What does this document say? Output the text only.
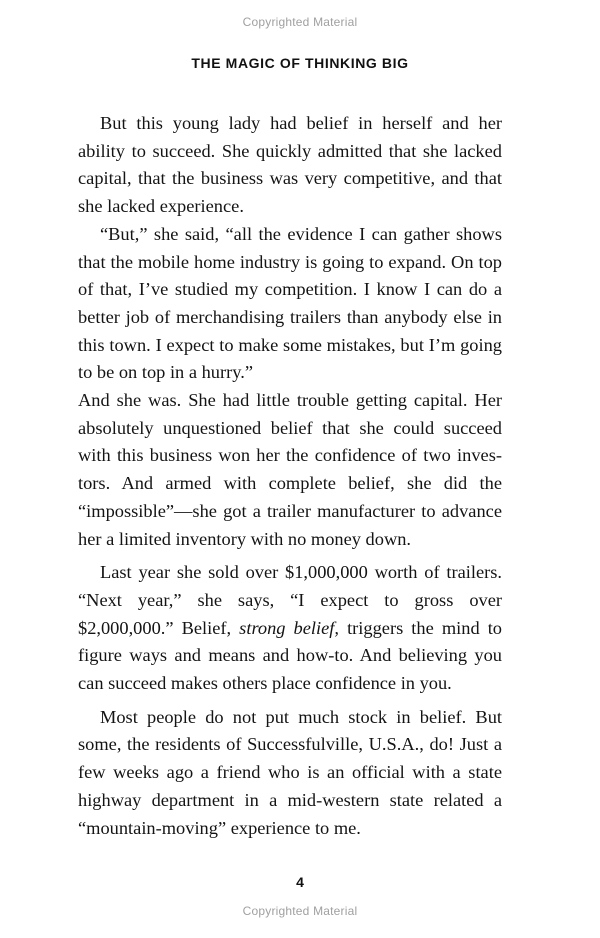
Copyrighted Material
THE MAGIC OF THINKING BIG

But this young lady had belief in herself and her ability to succeed. She quickly admitted that she lacked capital, that the business was very competitive, and that she lacked experience.

“But,” she said, “all the evidence I can gather shows that the mobile home industry is going to expand. On top of that, I’ve studied my competition. I know I can do a better job of merchandising trailers than anybody else in this town. I expect to make some mistakes, but I’m going to be on top in a hurry.”

And she was. She had little trouble getting capital. Her absolutely unquestioned belief that she could succeed with this business won her the confidence of two investors. And armed with complete belief, she did the “impossible”—she got a trailer manufacturer to advance her a limited inventory with no money down.

Last year she sold over $1,000,000 worth of trailers. “Next year,” she says, “I expect to gross over $2,000,000.” Belief, strong belief, triggers the mind to figure ways and means and how-to. And believing you can succeed makes others place confidence in you.

Most people do not put much stock in belief. But some, the residents of Successfulville, U.S.A., do! Just a few weeks ago a friend who is an official with a state highway department in a mid-western state related a “mountain-moving” experience to me.

4
Copyrighted Material
